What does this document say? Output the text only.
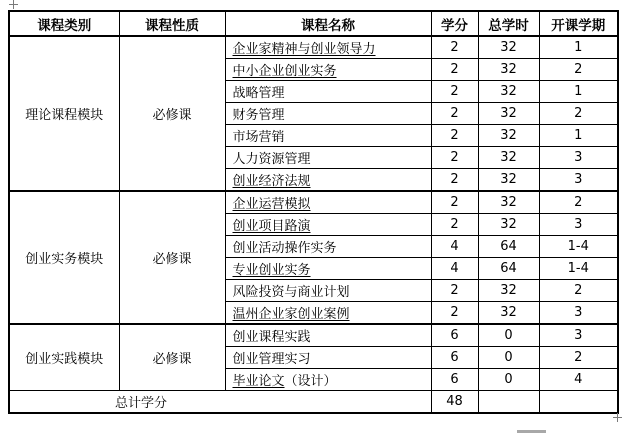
课程类别	课程性质	课程名称	学分	总学时	开课学期
理论课程模块	必修课	企业家精神与创业领导力	2	32	1
		中小企业创业实务	2	32	2
		战略管理	2	32	1
		财务管理	2	32	2
		市场营销	2	32	1
		人力资源管理	2	32	3
		创业经济法规	2	32	3
创业实务模块	必修课	企业运营模拟	2	32	2
		创业项目路演	2	32	3
		创业活动操作实务	4	64	1-4
		专业创业实务	4	64	1-4
		风险投资与商业计划	2	32	2
		温州企业家创业案例	2	32	3
创业实践模块	必修课	创业课程实践	6	0	3
		创业管理实习	6	0	2
		毕业论文（设计）	6	0	4
总计学分			48		
